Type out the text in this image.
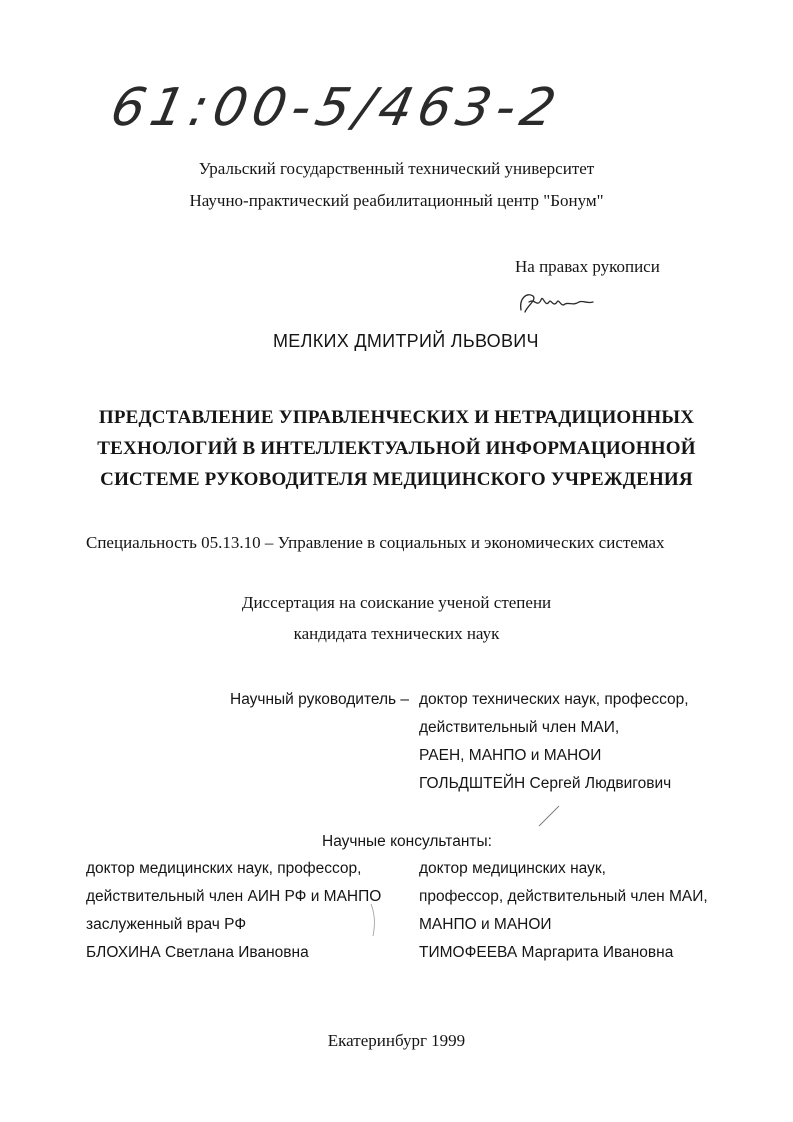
61:00-5/463-2
Уральский государственный технический университет
Научно-практический реабилитационный центр "Бонум"
На правах рукописи
МЕЛКИХ ДМИТРИЙ ЛЬВОВИЧ
ПРЕДСТАВЛЕНИЕ УПРАВЛЕНЧЕСКИХ И НЕТРАДИЦИОННЫХ
ТЕХНОЛОГИЙ В ИНТЕЛЛЕКТУАЛЬНОЙ ИНФОРМАЦИОННОЙ
СИСТЕМЕ РУКОВОДИТЕЛЯ МЕДИЦИНСКОГО УЧРЕЖДЕНИЯ
Специальность 05.13.10 – Управление в социальных и экономических системах
Диссертация на соискание ученой степени
кандидата технических наук
Научный руководитель – доктор технических наук, профессор,
действительный член МАИ,
РАЕН, МАНПО и МАНОИ
ГОЛЬДШТЕЙН Сергей Людвигович
Научные консультанты:
доктор медицинских наук, профессор,
действительный член АИН РФ и МАНПО
заслуженный врач РФ
БЛОХИНА Светлана Ивановна
доктор медицинских наук,
профессор, действительный член МАИ,
МАНПО и МАНОИ
ТИМОФЕЕВА Маргарита Ивановна
Екатеринбург 1999
